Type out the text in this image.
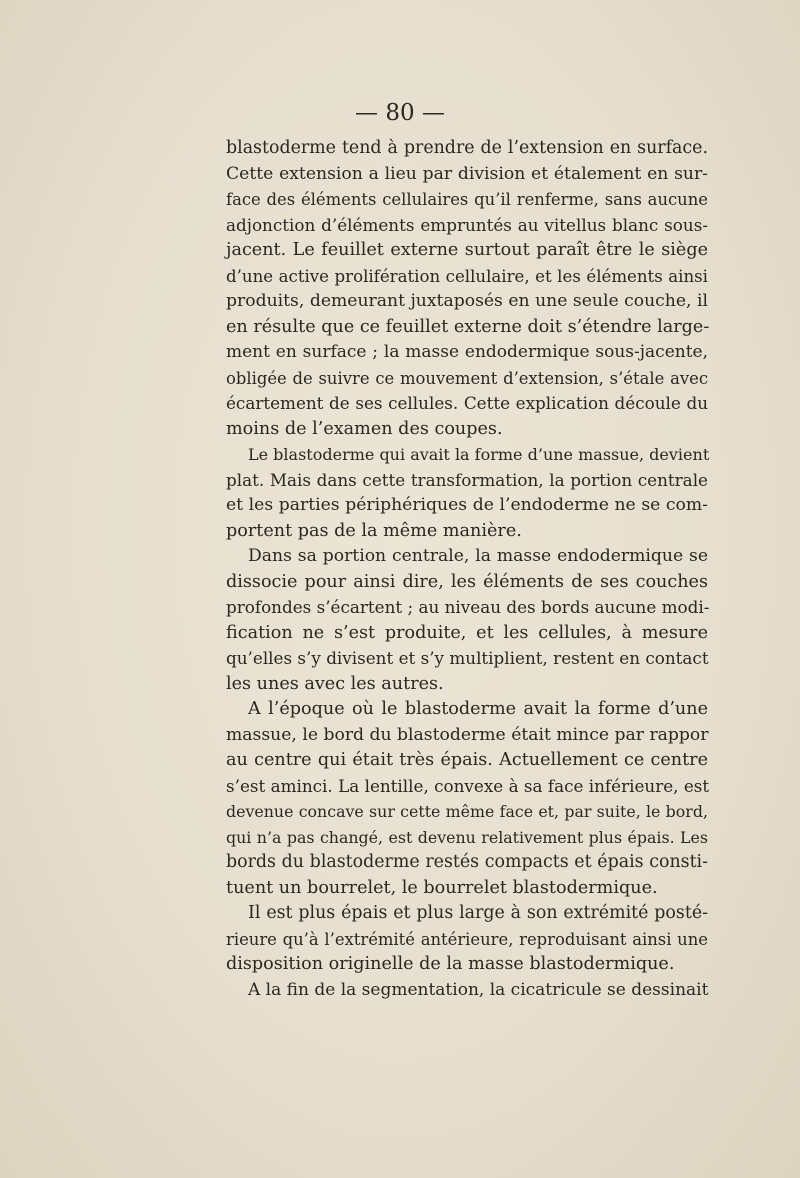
— 80 —
blastoderme tend à prendre de l’extension en surface.
Cette extension a lieu par division et étalement en sur-
face des éléments cellulaires qu’il renferme, sans aucune
adjonction d’éléments empruntés au vitellus blanc sous-
jacent. Le feuillet externe surtout paraît être le siège
d’une active prolifération cellulaire, et les éléments ainsi
produits, demeurant juxtaposés en une seule couche, il
en résulte que ce feuillet externe doit s’étendre large-
ment en surface ; la masse endodermique sous-jacente,
obligée de suivre ce mouvement d’extension, s’étale avec
écartement de ses cellules. Cette explication découle du
moins de l’examen des coupes.
Le blastoderme qui avait la forme d’une massue, devient
plat. Mais dans cette transformation, la portion centrale
et les parties périphériques de l’endoderme ne se com-
portent pas de la même manière.
Dans sa portion centrale, la masse endodermique se
dissocie pour ainsi dire, les éléments de ses couches
profondes s’écartent ; au niveau des bords aucune modi-
fication ne s’est produite, et les cellules, à mesure
qu’elles s’y divisent et s’y multiplient, restent en contact
les unes avec les autres.
A l’époque où le blastoderme avait la forme d’une
massue, le bord du blastoderme était mince par rappor
au centre qui était très épais. Actuellement ce centre
s’est aminci. La lentille, convexe à sa face inférieure, est
devenue concave sur cette même face et, par suite, le bord,
qui n’a pas changé, est devenu relativement plus épais. Les
bords du blastoderme restés compacts et épais consti-
tuent un bourrelet, le bourrelet blastodermique.
Il est plus épais et plus large à son extrémité posté-
rieure qu’à l’extrémité antérieure, reproduisant ainsi une
disposition originelle de la masse blastodermique.
A la fin de la segmentation, la cicatricule se dessinait
